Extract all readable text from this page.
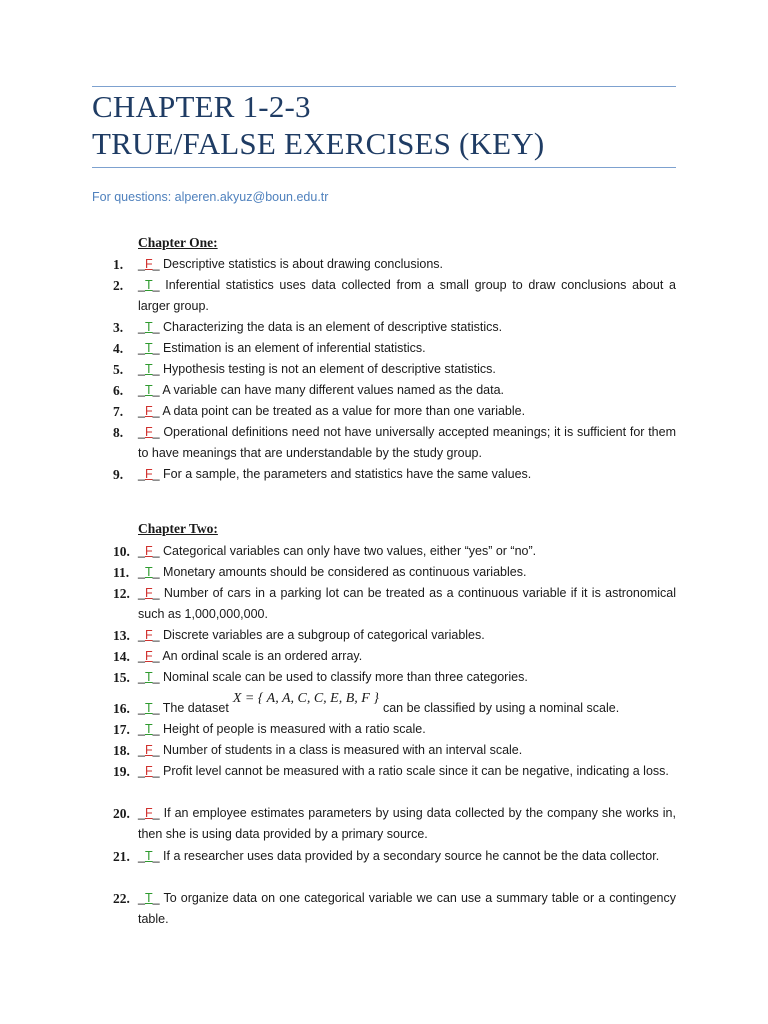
CHAPTER 1-2-3
TRUE/FALSE EXERCISES (KEY)
For questions: alperen.akyuz@boun.edu.tr
Chapter One:
Chapter Two:
1. _F_ Descriptive statistics is about drawing conclusions.
2. _T_ Inferential statistics uses data collected from a small group to draw conclusions about a larger group.
3. _T_ Characterizing the data is an element of descriptive statistics.
4. _T_ Estimation is an element of inferential statistics.
5. _T_ Hypothesis testing is not an element of descriptive statistics.
6. _T_ A variable can have many different values named as the data.
7. _F_ A data point can be treated as a value for more than one variable.
8. _F_ Operational definitions need not have universally accepted meanings; it is sufficient for them to have meanings that are understandable by the study group.
9. _F_ For a sample, the parameters and statistics have the same values.
10. _F_ Categorical variables can only have two values, either “yes” or “no”.
11. _T_ Monetary amounts should be considered as continuous variables.
12. _F_ Number of cars in a parking lot can be treated as a continuous variable if it is astronomical such as 1,000,000,000.
13. _F_ Discrete variables are a subgroup of categorical variables.
14. _F_ An ordinal scale is an ordered array.
15. _T_ Nominal scale can be used to classify more than three categories.
16. _T_ The datasetX = { A, A, C, C, E, B, F }can be classified by using a nominal scale.
17. _T_ Height of people is measured with a ratio scale.
18. _F_ Number of students in a class is measured with an interval scale.
19. _F_ Profit level cannot be measured with a ratio scale since it can be negative, indicating a loss.
20. _F_ If an employee estimates parameters by using data collected by the company she works in, then she is using data provided by a primary source.
21. _T_ If a researcher uses data provided by a secondary source he cannot be the data collector.
22. _T_ To organize data on one categorical variable we can use a summary table or a contingency table.
